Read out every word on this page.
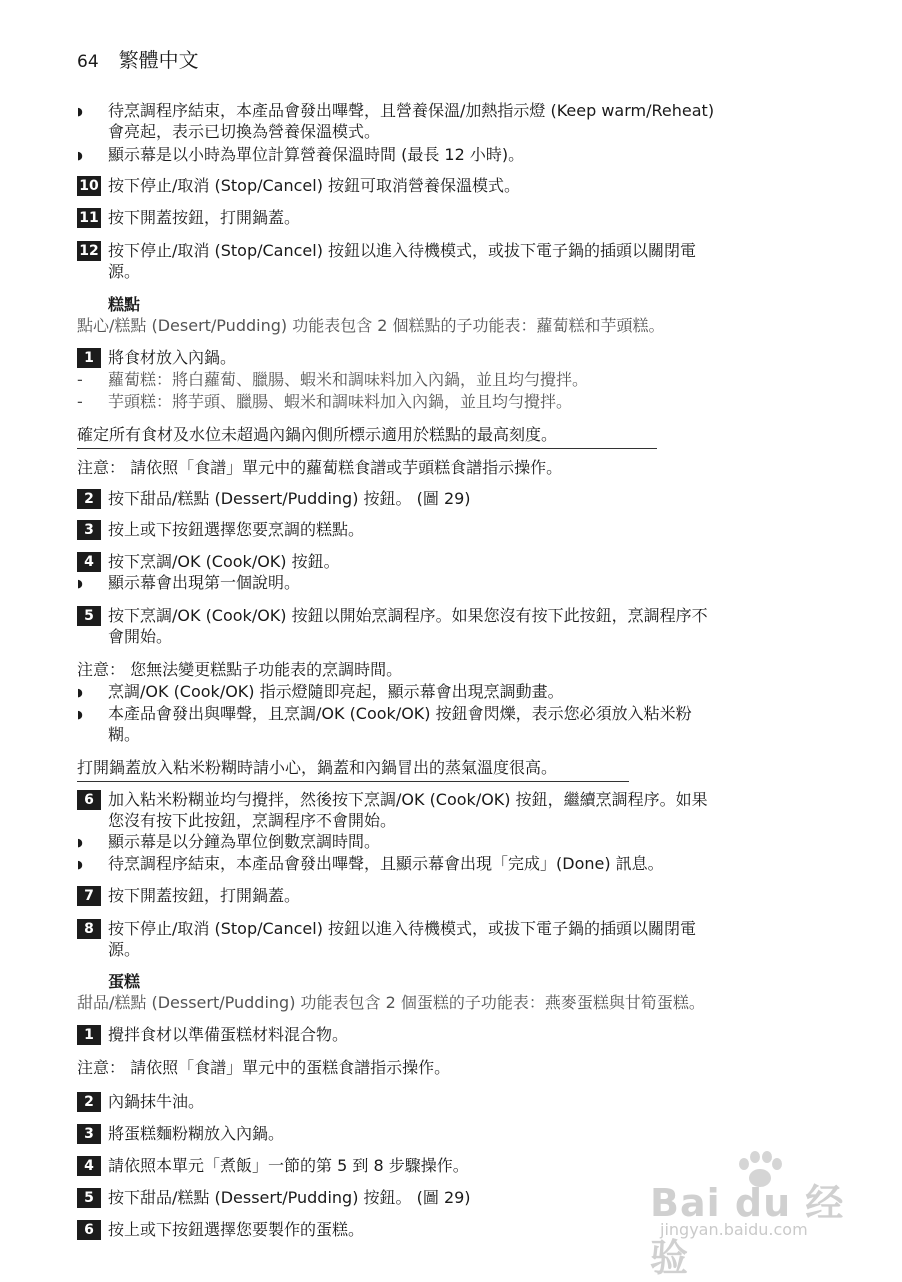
64 繁體中文
◗	待烹調程序結束，本產品會發出嗶聲，且營養保溫/加熱指示燈 (Keep warm/Reheat)
會亮起，表示已切換為營養保溫模式。
◗	顯示幕是以小時為單位計算營養保溫時間 (最長 12 小時)。
10 按下停止/取消 (Stop/Cancel) 按鈕可取消營養保溫模式。
11 按下開蓋按鈕，打開鍋蓋。
12 按下停止/取消 (Stop/Cancel) 按鈕以進入待機模式，或拔下電子鍋的插頭以關閉電
源。
糕點
點心/糕點 (Desert/Pudding) 功能表包含 2 個糕點的子功能表：蘿蔔糕和芋頭糕。
1 將食材放入內鍋。
-	蘿蔔糕：將白蘿蔔、臘腸、蝦米和調味料加入內鍋，並且均勻攪拌。
-	芋頭糕：將芋頭、臘腸、蝦米和調味料加入內鍋，並且均勻攪拌。
確定所有食材及水位未超過內鍋內側所標示適用於糕點的最高刻度。
注意： 請依照「食譜」單元中的蘿蔔糕食譜或芋頭糕食譜指示操作。
2 按下甜品/糕點 (Dessert/Pudding) 按鈕。 (圖 29)
3 按上或下按鈕選擇您要烹調的糕點。
4 按下烹調/OK (Cook/OK) 按鈕。
◗	顯示幕會出現第一個說明。
5 按下烹調/OK (Cook/OK) 按鈕以開始烹調程序。如果您沒有按下此按鈕，烹調程序不
會開始。
注意： 您無法變更糕點子功能表的烹調時間。
◗	烹調/OK (Cook/OK) 指示燈隨即亮起，顯示幕會出現烹調動畫。
◗	本產品會發出與嗶聲，且烹調/OK (Cook/OK) 按鈕會閃爍，表示您必須放入粘米粉
糊。
打開鍋蓋放入粘米粉糊時請小心，鍋蓋和內鍋冒出的蒸氣溫度很高。
6 加入粘米粉糊並均勻攪拌，然後按下烹調/OK (Cook/OK) 按鈕，繼續烹調程序。如果
您沒有按下此按鈕，烹調程序不會開始。
◗	顯示幕是以分鐘為單位倒數烹調時間。
◗	待烹調程序結束，本產品會發出嗶聲，且顯示幕會出現「完成」(Done) 訊息。
7 按下開蓋按鈕，打開鍋蓋。
8 按下停止/取消 (Stop/Cancel) 按鈕以進入待機模式，或拔下電子鍋的插頭以關閉電
源。
蛋糕
甜品/糕點 (Dessert/Pudding) 功能表包含 2 個蛋糕的子功能表：燕麥蛋糕與甘筍蛋糕。
1 攪拌食材以準備蛋糕材料混合物。
注意： 請依照「食譜」單元中的蛋糕食譜指示操作。
2 內鍋抹牛油。
3 將蛋糕麵粉糊放入內鍋。
4 請依照本單元「煮飯」一節的第 5 到 8 步驟操作。
5 按下甜品/糕點 (Dessert/Pudding) 按鈕。 (圖 29)
6 按上或下按鈕選擇您要製作的蛋糕。
Bai du 经验
jingyan.baidu.com
